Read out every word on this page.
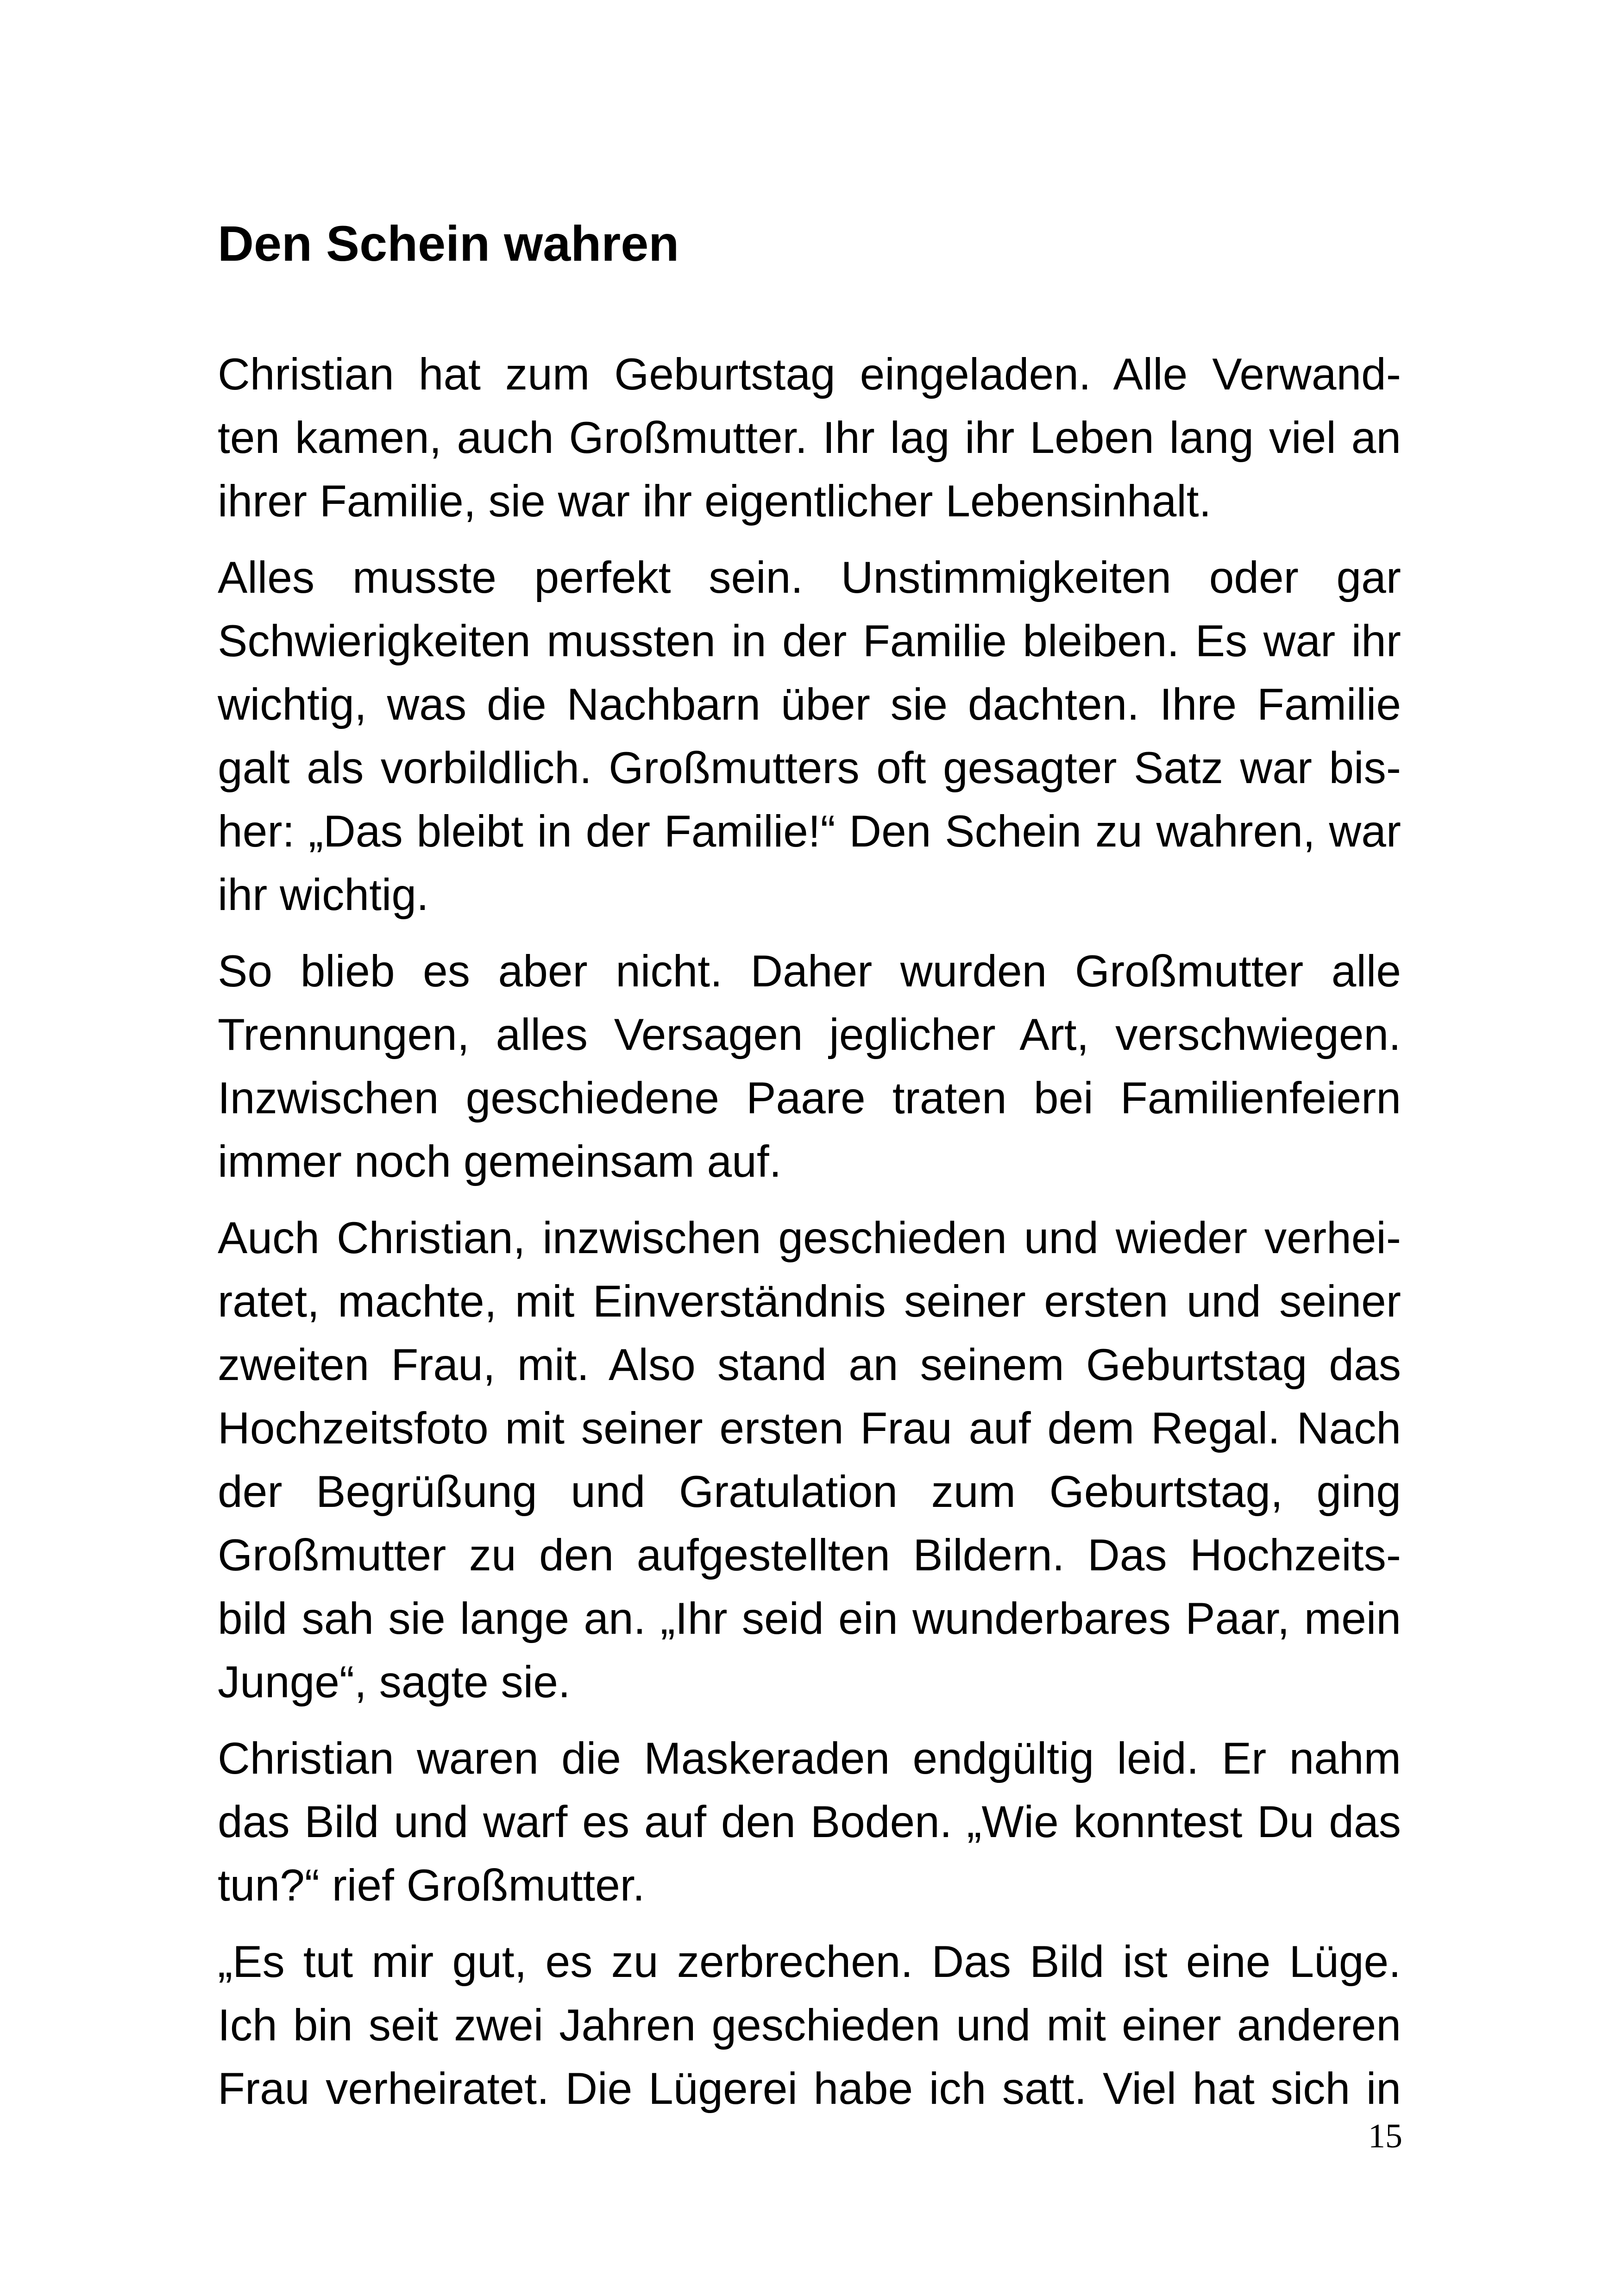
Den Schein wahren

Christian hat zum Geburtstag eingeladen. Alle Verwand-
ten kamen, auch Großmutter. Ihr lag ihr Leben lang viel an
ihrer Familie, sie war ihr eigentlicher Lebensinhalt.

Alles musste perfekt sein. Unstimmigkeiten oder gar
Schwierigkeiten mussten in der Familie bleiben. Es war ihr
wichtig, was die Nachbarn über sie dachten. Ihre Familie
galt als vorbildlich. Großmutters oft gesagter Satz war bis-
her: „Das bleibt in der Familie!“ Den Schein zu wahren, war
ihr wichtig.

So blieb es aber nicht. Daher wurden Großmutter alle
Trennungen, alles Versagen jeglicher Art, verschwiegen.
Inzwischen geschiedene Paare traten bei Familienfeiern
immer noch gemeinsam auf.

Auch Christian, inzwischen geschieden und wieder verhei-
ratet, machte, mit Einverständnis seiner ersten und seiner
zweiten Frau, mit. Also stand an seinem Geburtstag das
Hochzeitsfoto mit seiner ersten Frau auf dem Regal. Nach
der Begrüßung und Gratulation zum Geburtstag, ging
Großmutter zu den aufgestellten Bildern. Das Hochzeits-
bild sah sie lange an. „Ihr seid ein wunderbares Paar, mein
Junge“, sagte sie.

Christian waren die Maskeraden endgültig leid. Er nahm
das Bild und warf es auf den Boden. „Wie konntest Du das
tun?“ rief Großmutter.

„Es tut mir gut, es zu zerbrechen. Das Bild ist eine Lüge.
Ich bin seit zwei Jahren geschieden und mit einer anderen
Frau verheiratet. Die Lügerei habe ich satt. Viel hat sich in

15
